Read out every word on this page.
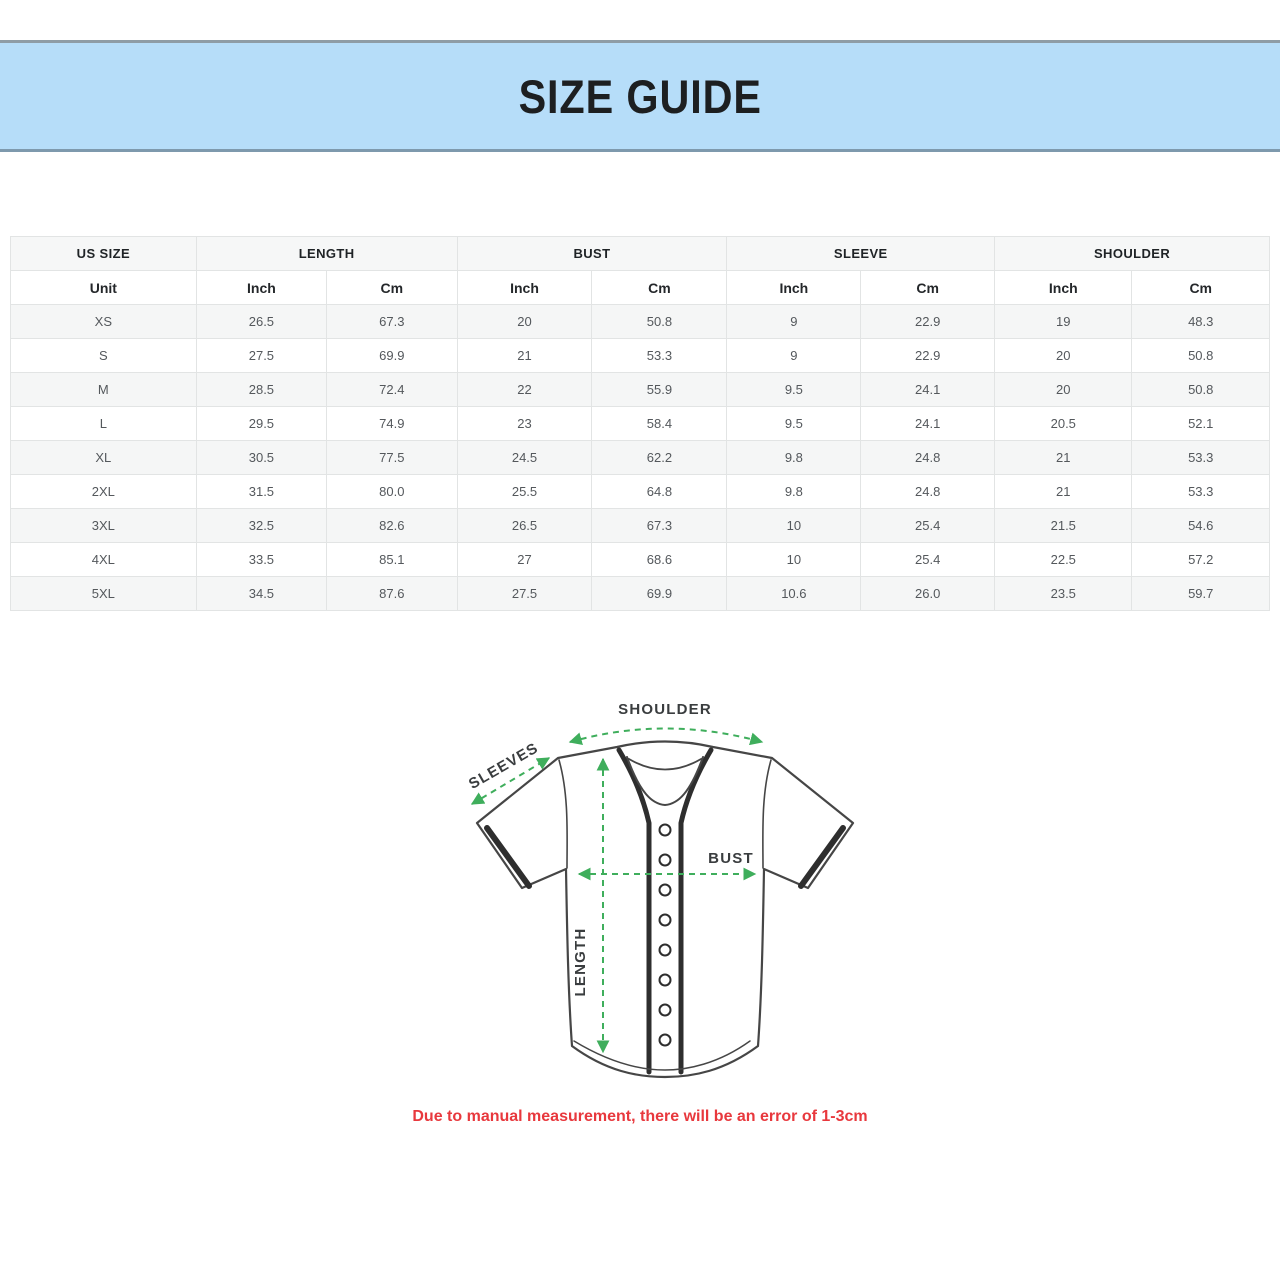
SIZE GUIDE
US SIZE	LENGTH		BUST		SLEEVE		SHOULDER	
Unit	Inch	Cm	Inch	Cm	Inch	Cm	Inch	Cm
XS	26.5	67.3	20	50.8	9	22.9	19	48.3
S	27.5	69.9	21	53.3	9	22.9	20	50.8
M	28.5	72.4	22	55.9	9.5	24.1	20	50.8
L	29.5	74.9	23	58.4	9.5	24.1	20.5	52.1
XL	30.5	77.5	24.5	62.2	9.8	24.8	21	53.3
2XL	31.5	80.0	25.5	64.8	9.8	24.8	21	53.3
3XL	32.5	82.6	26.5	67.3	10	25.4	21.5	54.6
4XL	33.5	85.1	27	68.6	10	25.4	22.5	57.2
5XL	34.5	87.6	27.5	69.9	10.6	26.0	23.5	59.7
SHOULDER
SLEEVES
BUST
LENGTH
Due to manual measurement, there will be an error of 1-3cm
